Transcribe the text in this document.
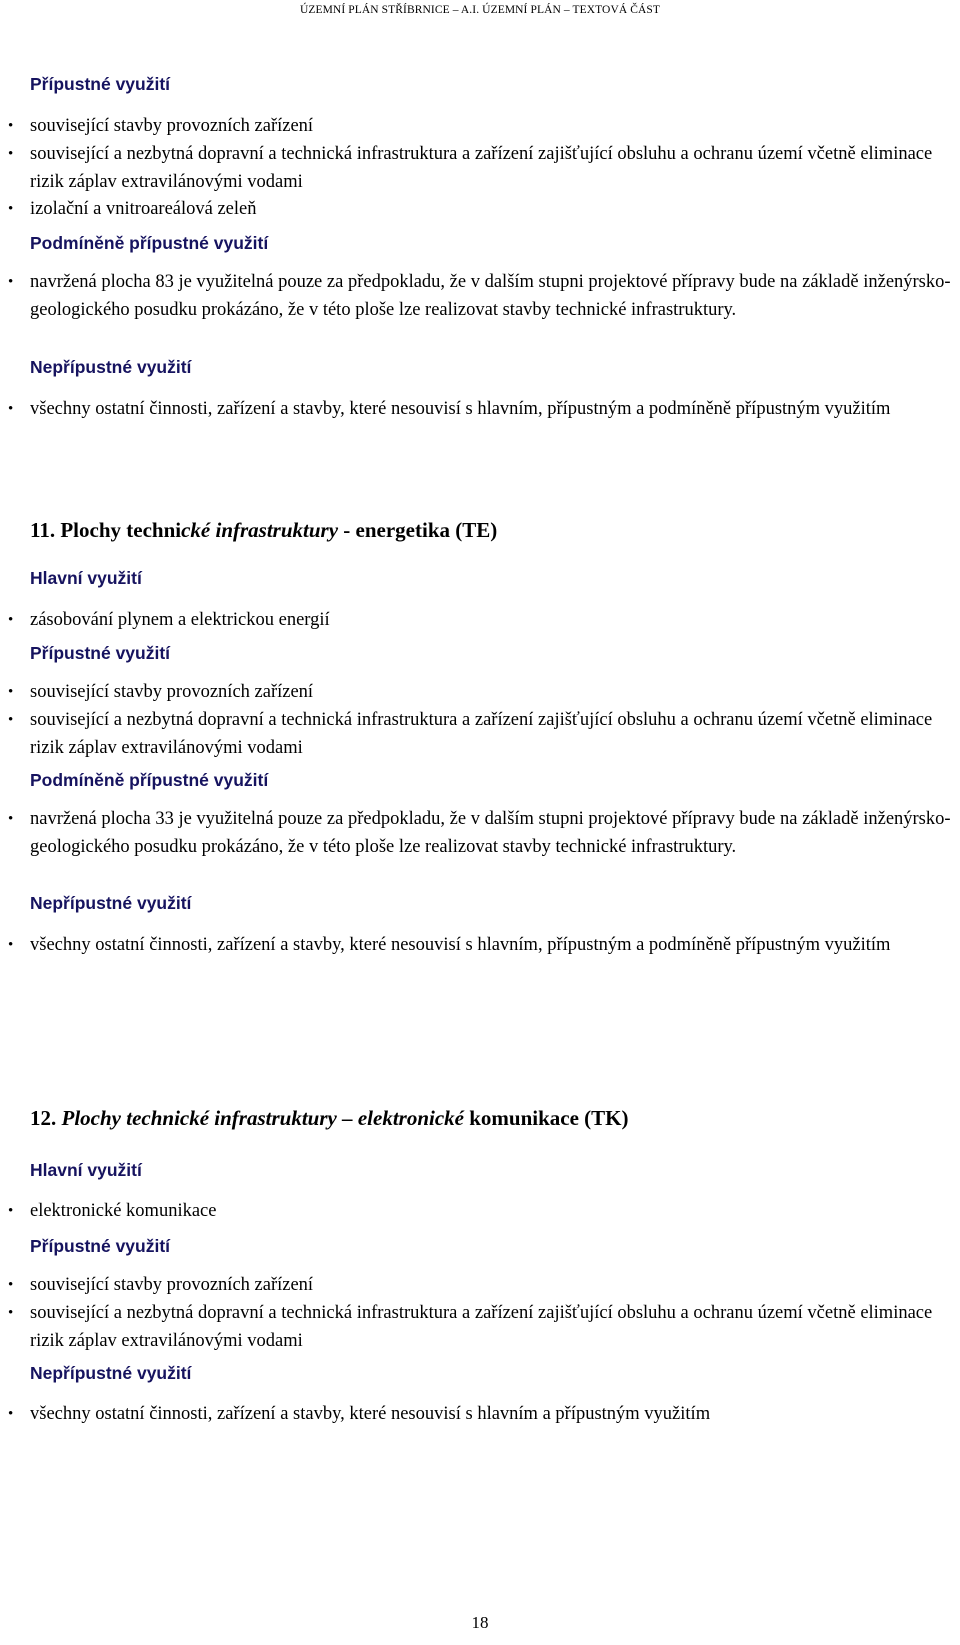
ÚZEMNÍ PLÁN STŘÍBRNICE – A.I. ÚZEMNÍ PLÁN – TEXTOVÁ ČÁST
Přípustné využití
• související stavby provozních zařízení
• související a nezbytná dopravní a technická infrastruktura a zařízení zajišťující obsluhu a ochranu území včetně eliminace rizik záplav extravilánovými vodami
• izolační a vnitroareálová zeleň
Podmíněně přípustné využití
• navržená plocha 83 je využitelná pouze za předpokladu, že v dalším stupni projektové přípravy bude na základě inženýrsko-geologického posudku prokázáno, že v této ploše lze realizovat stavby technické infrastruktury.
Nepřípustné využití
• všechny ostatní činnosti, zařízení a stavby, které nesouvisí s hlavním, přípustným a podmíněně přípustným využitím
11. Plochy technické infrastruktury - energetika (TE)
Hlavní využití
• zásobování plynem a elektrickou energií
Přípustné využití
• související stavby provozních zařízení
• související a nezbytná dopravní a technická infrastruktura a zařízení zajišťující obsluhu a ochranu území včetně eliminace rizik záplav extravilánovými vodami
Podmíněně přípustné využití
• navržená plocha 33 je využitelná pouze za předpokladu, že v dalším stupni projektové přípravy bude na základě inženýrsko-geologického posudku prokázáno, že v této ploše lze realizovat stavby technické infrastruktury.
Nepřípustné využití
• všechny ostatní činnosti, zařízení a stavby, které nesouvisí s hlavním, přípustným a podmíněně přípustným využitím
12. Plochy technické infrastruktury – elektronické komunikace (TK)
Hlavní využití
• elektronické komunikace
Přípustné využití
• související stavby provozních zařízení
• související a nezbytná dopravní a technická infrastruktura a zařízení zajišťující obsluhu a ochranu území včetně eliminace rizik záplav extravilánovými vodami
Nepřípustné využití
• všechny ostatní činnosti, zařízení a stavby, které nesouvisí s hlavním a přípustným využitím
18
